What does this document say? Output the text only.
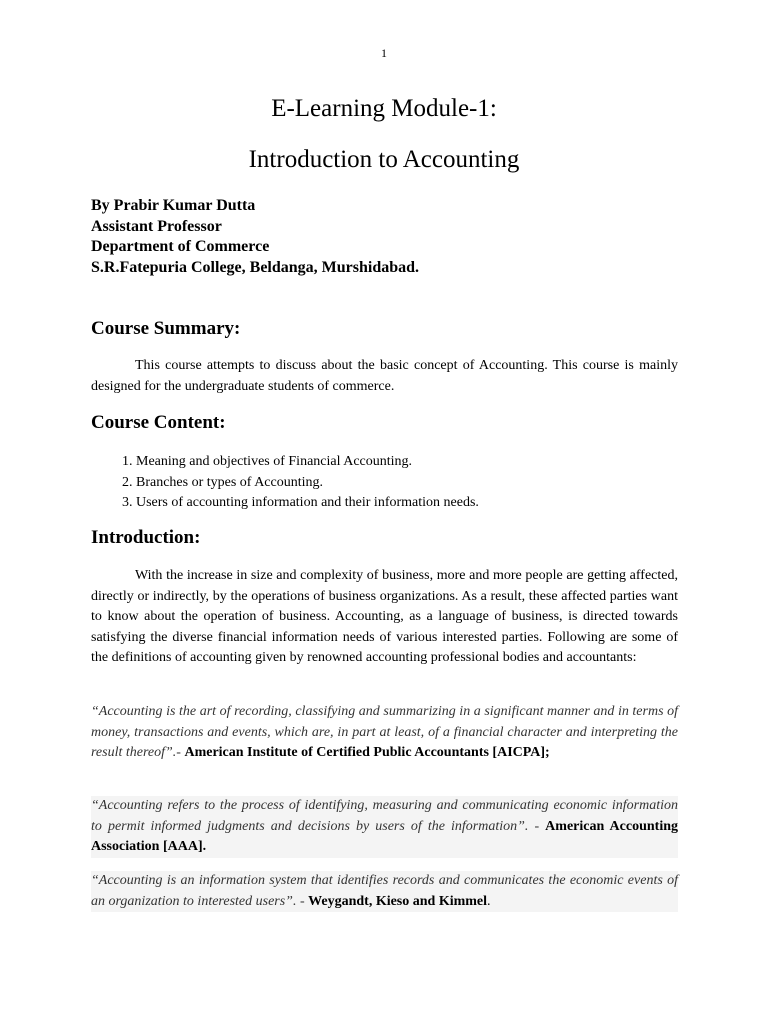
1
E-Learning Module-1:
Introduction to Accounting
By Prabir Kumar Dutta
Assistant Professor
Department of Commerce
S.R.Fatepuria College, Beldanga, Murshidabad.
Course Summary:

This course attempts to discuss about the basic concept of Accounting. This course is mainly designed for the undergraduate students of commerce.

Course Content:
1. Meaning and objectives of Financial Accounting.
2. Branches or types of Accounting.
3. Users of accounting information and their information needs.
Introduction:

With the increase in size and complexity of business, more and more people are getting affected, directly or indirectly, by the operations of business organizations. As a result, these affected parties want to know about the operation of business. Accounting, as a language of business, is directed towards satisfying the diverse financial information needs of various interested parties. Following are some of the definitions of accounting given by renowned accounting professional bodies and accountants:

“Accounting is the art of recording, classifying and summarizing in a significant manner and in terms of money, transactions and events, which are, in part at least, of a financial character and interpreting the result thereof”.- American Institute of Certified Public Accountants [AICPA];

“Accounting refers to the process of identifying, measuring and communicating economic information to permit informed judgments and decisions by users of the information”. - American Accounting Association [AAA].

“Accounting is an information system that identifies records and communicates the economic events of an organization to interested users”. - Weygandt, Kieso and Kimmel.
